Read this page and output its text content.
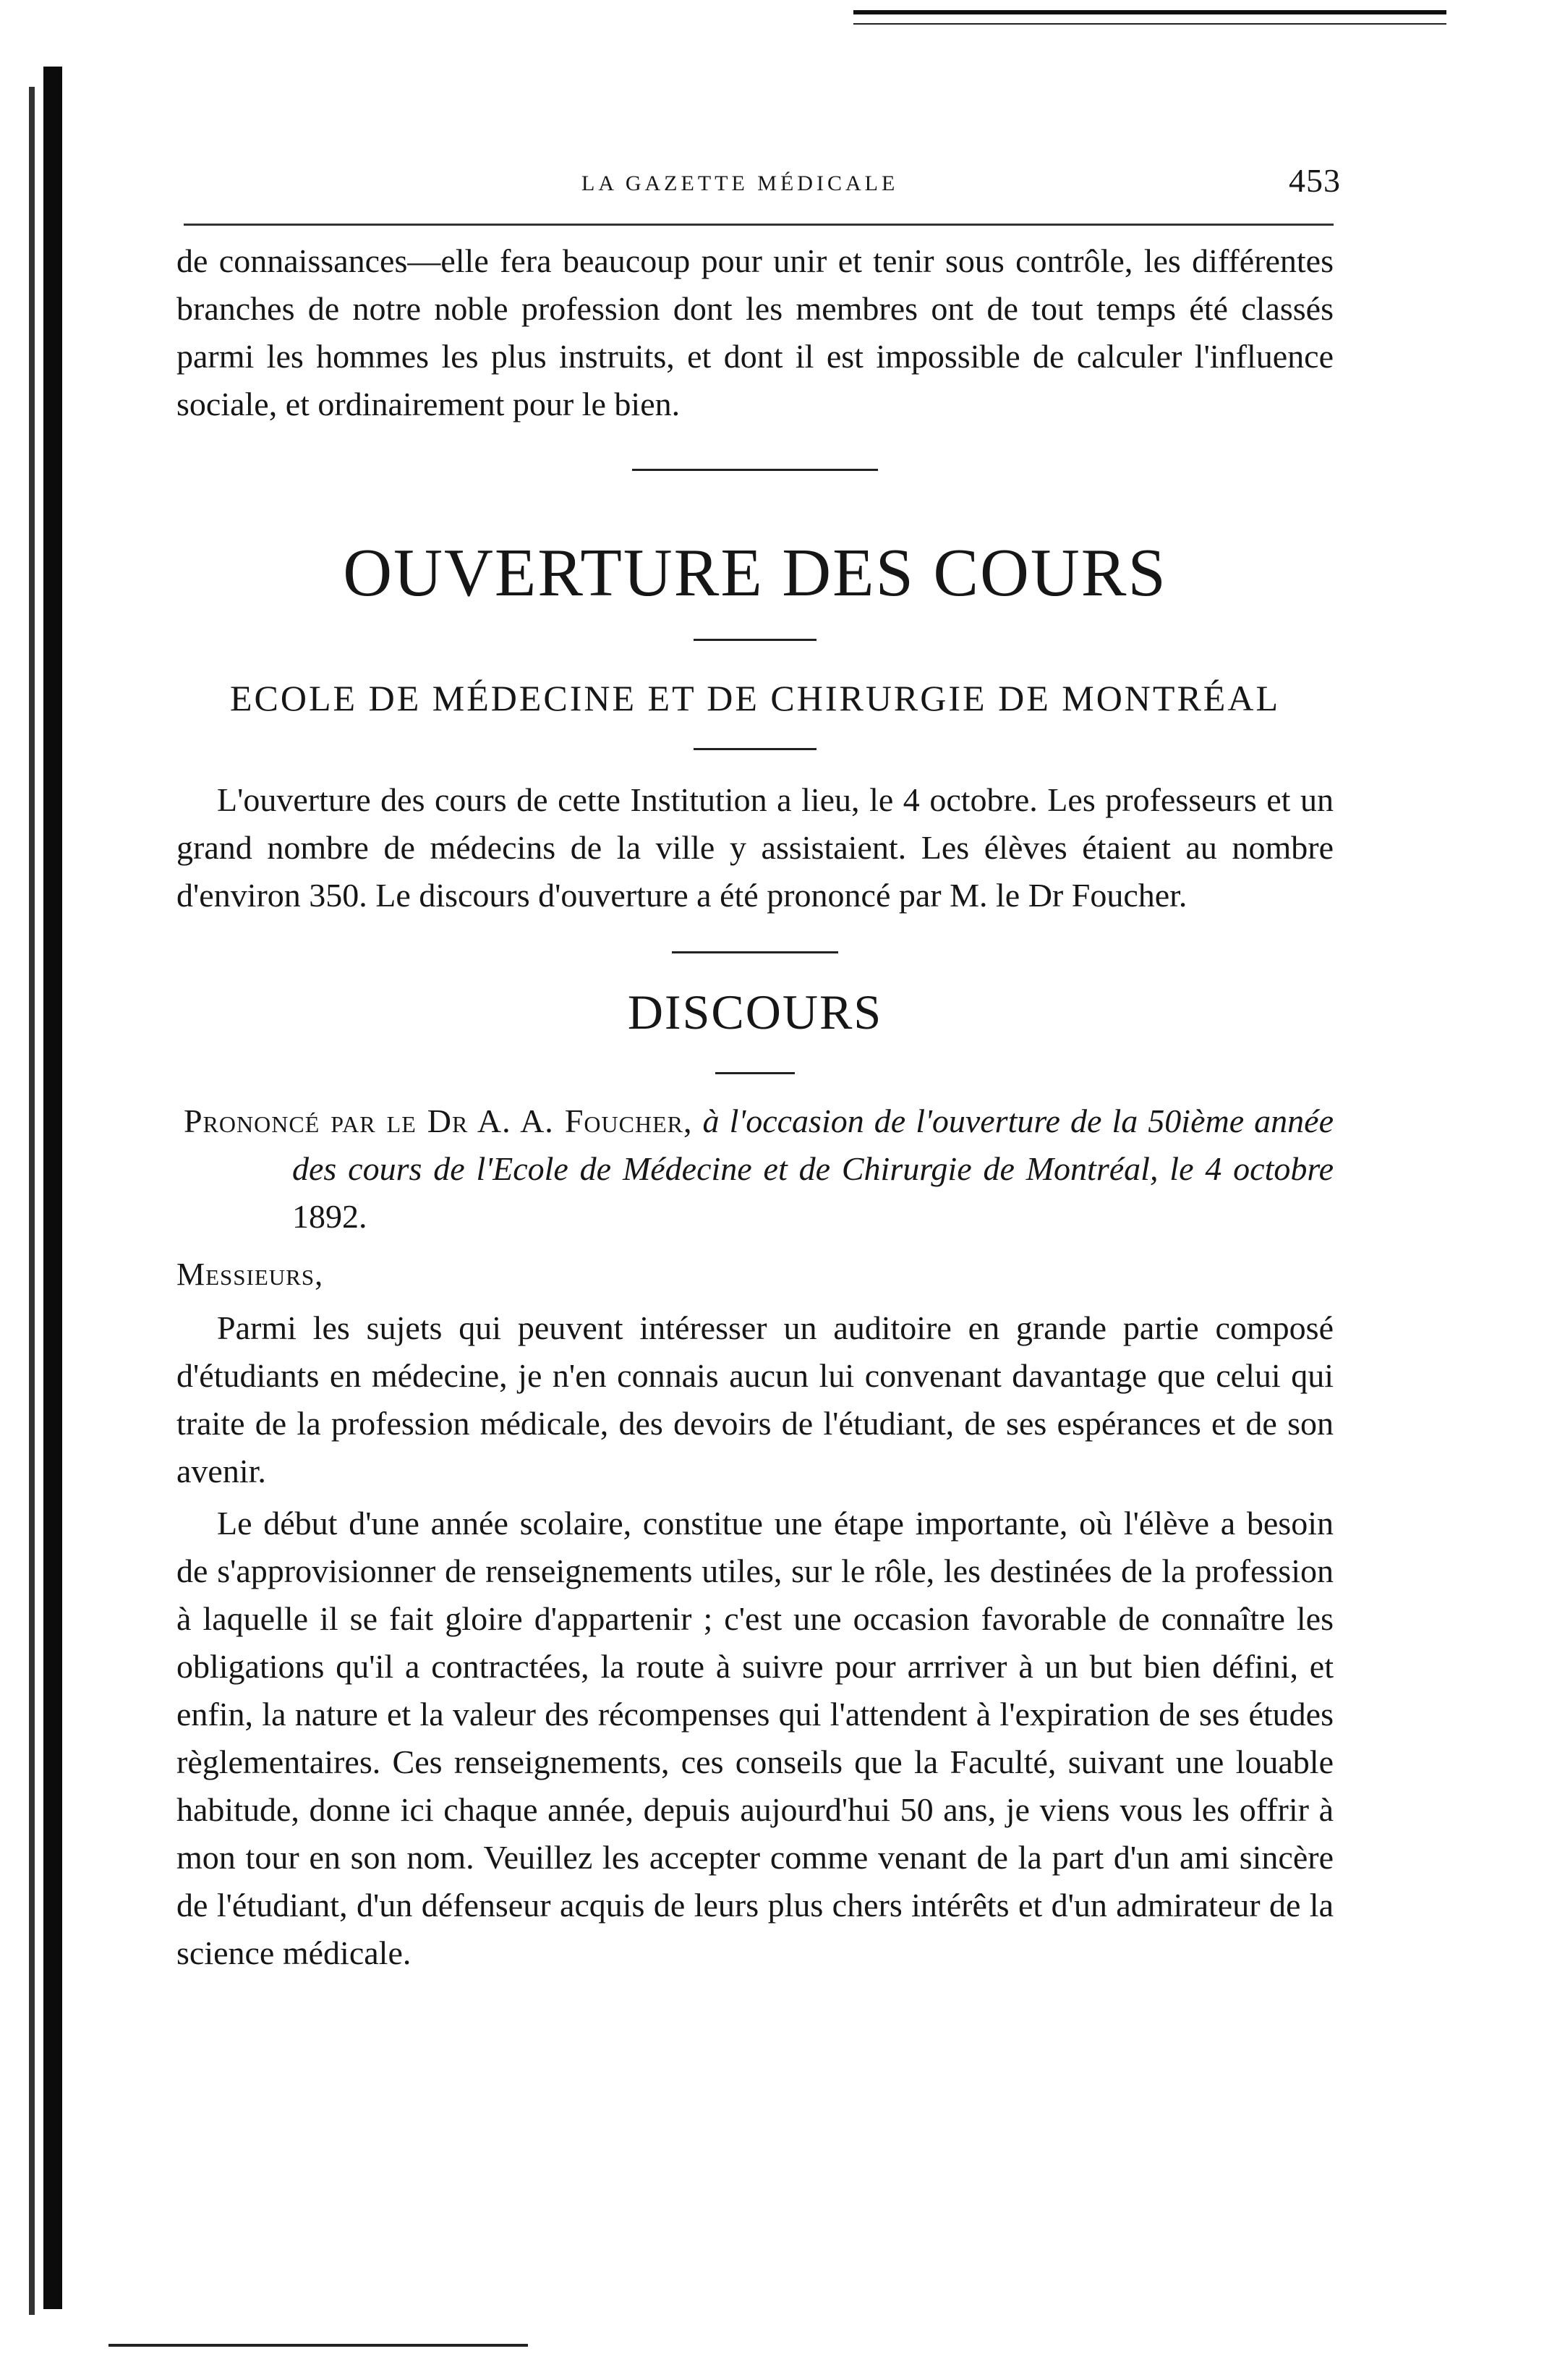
LA GAZETTE MÉDICALE	453

de connaissances—elle fera beaucoup pour unir et tenir sous contrôle, les différentes branches de notre noble profession dont les membres ont de tout temps été classés parmi les hommes les plus instruits, et dont il est impossible de calculer l'influence sociale, et ordinairement pour le bien.

OUVERTURE DES COURS
ECOLE DE MÉDECINE ET DE CHIRURGIE DE MONTRÉAL

L'ouverture des cours de cette Institution a lieu, le 4 octobre. Les professeurs et un grand nombre de médecins de la ville y assistaient. Les élèves étaient au nombre d'environ 350. Le discours d'ouverture a été prononcé par M. le Dr Foucher.

DISCOURS
Prononcé par le Dr A. A. Foucher, à l'occasion de l'ouverture de la 50ième année des cours de l'Ecole de Médecine et de Chirurgie de Montréal, le 4 octobre 1892.
Messieurs,

Parmi les sujets qui peuvent intéresser un auditoire en grande partie composé d'étudiants en médecine, je n'en connais aucun lui convenant davantage que celui qui traite de la profession médicale, des devoirs de l'étudiant, de ses espérances et de son avenir.

Le début d'une année scolaire, constitue une étape importante, où l'élève a besoin de s'approvisionner de renseignements utiles, sur le rôle, les destinées de la profession à laquelle il se fait gloire d'appartenir ; c'est une occasion favorable de connaître les obligations qu'il a contractées, la route à suivre pour arrriver à un but bien défini, et enfin, la nature et la valeur des récompenses qui l'attendent à l'expiration de ses études règlementaires. Ces renseignements, ces conseils que la Faculté, suivant une louable habitude, donne ici chaque année, depuis aujourd'hui 50 ans, je viens vous les offrir à mon tour en son nom. Veuillez les accepter comme venant de la part d'un ami sincère de l'étudiant, d'un défenseur acquis de leurs plus chers intérêts et d'un admirateur de la science médicale.
